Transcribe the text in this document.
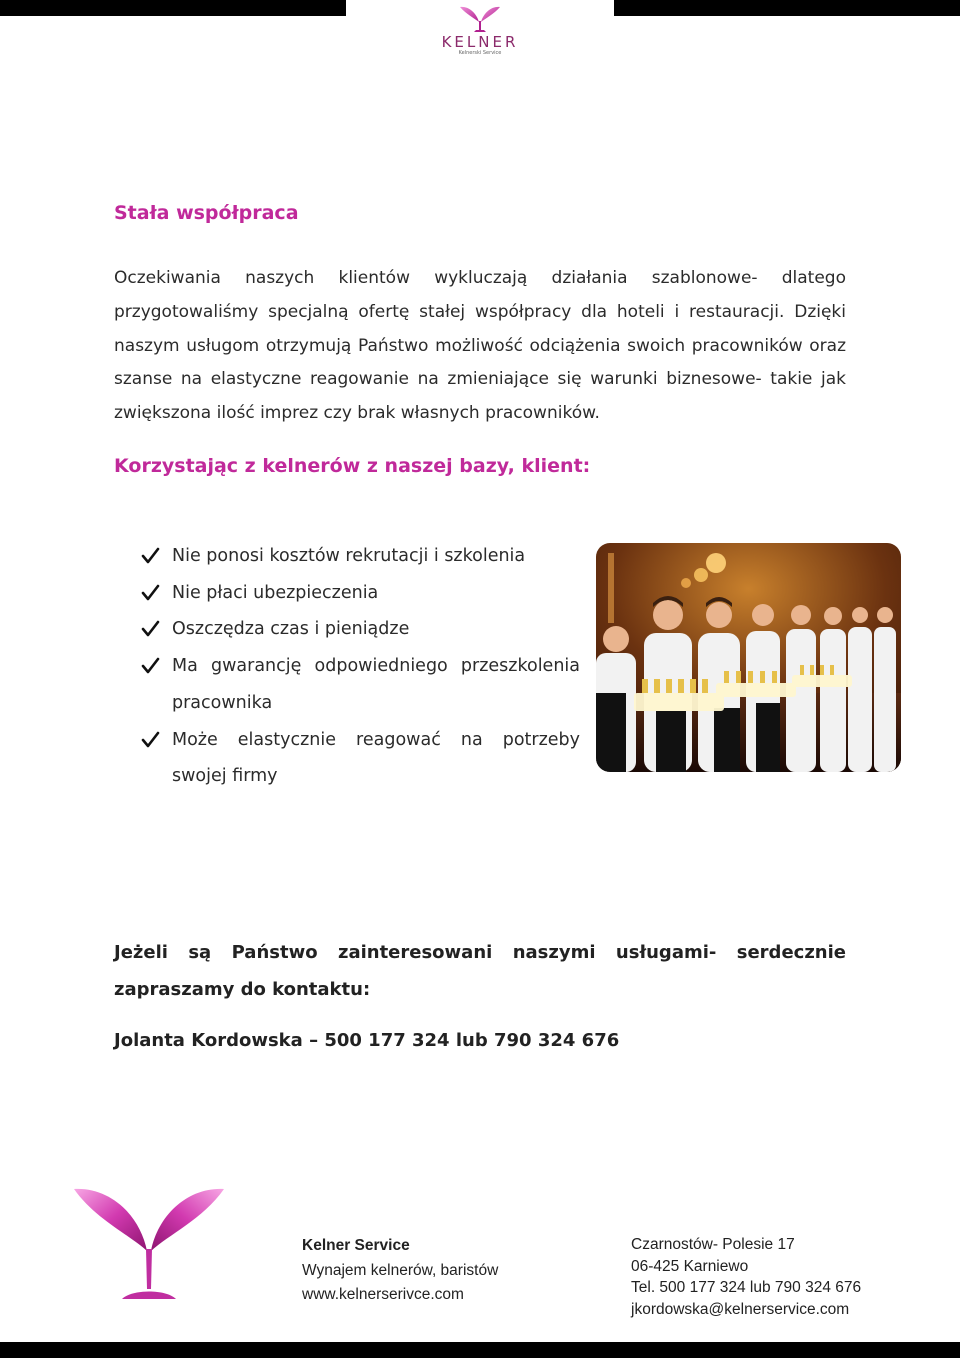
KELNER
Kelnerski Service
Stała współpraca

Oczekiwania naszych klientów wykluczają działania szablonowe- dlatego przygotowaliśmy specjalną ofertę stałej współpracy dla hoteli i restauracji. Dzięki naszym usługom otrzymują Państwo możliwość odciążenia swoich pracowników oraz szanse na elastyczne reagowanie na zmieniające się warunki biznesowe- takie jak zwiększona ilość imprez czy brak własnych pracowników.

Korzystając z kelnerów z naszej bazy, klient:
Nie ponosi kosztów rekrutacji i szkolenia
Nie płaci ubezpieczenia
Oszczędza czas i pieniądze
Ma gwarancję odpowiedniego przeszkolenia pracownika
Może elastycznie reagować na potrzeby swojej firmy

Jeżeli są Państwo zainteresowani naszymi usługami- serdecznie zapraszamy do kontaktu:

Jolanta Kordowska – 500 177 324 lub 790 324 676

Kelner Service
Wynajem kelnerów, baristów
www.kelnerserivce.com
Czarnostów- Polesie 17
06-425 Karniewo
Tel. 500 177 324 lub 790 324 676
jkordowska@kelnerservice.com
